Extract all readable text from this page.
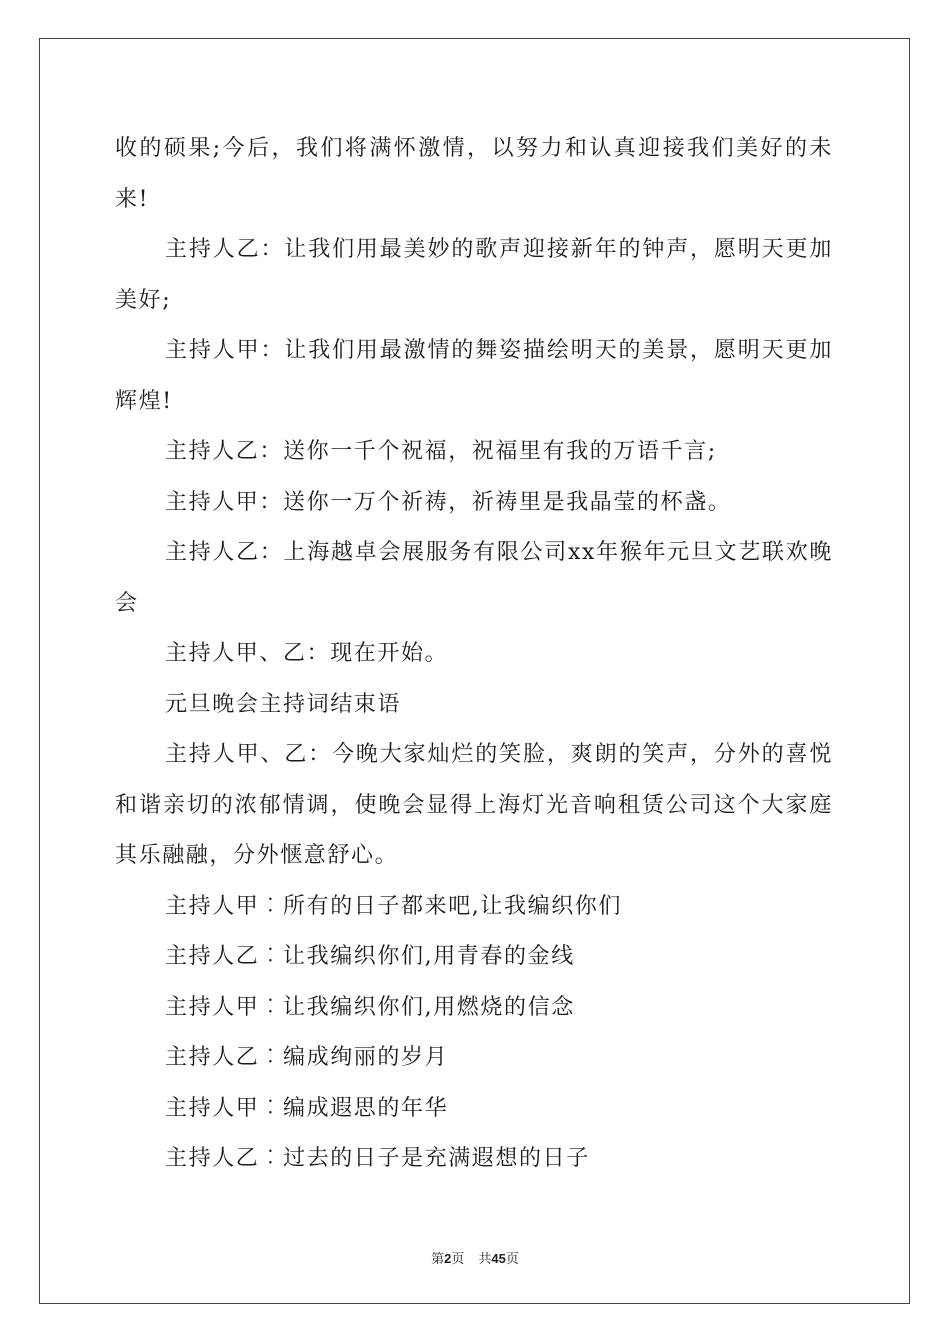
收的硕果;今后，我们将满怀激情，以努力和认真迎接我们美好的未来!

主持人乙：让我们用最美妙的歌声迎接新年的钟声，愿明天更加美好;

主持人甲：让我们用最激情的舞姿描绘明天的美景，愿明天更加辉煌!

主持人乙：送你一千个祝福，祝福里有我的万语千言;

主持人甲：送你一万个祈祷，祈祷里是我晶莹的杯盏。

主持人乙：上海越卓会展服务有限公司xx年猴年元旦文艺联欢晚会

主持人甲、乙：现在开始。

元旦晚会主持词结束语

主持人甲、乙：今晚大家灿烂的笑脸，爽朗的笑声，分外的喜悦和谐亲切的浓郁情调，使晚会显得上海灯光音响租赁公司这个大家庭其乐融融，分外惬意舒心。

主持人甲︰所有的日子都来吧,让我编织你们

主持人乙︰让我编织你们,用青春的金线

主持人甲︰让我编织你们,用燃烧的信念

主持人乙︰编成绚丽的岁月

主持人甲︰编成遐思的年华

主持人乙︰过去的日子是充满遐想的日子

第2页 共45页
